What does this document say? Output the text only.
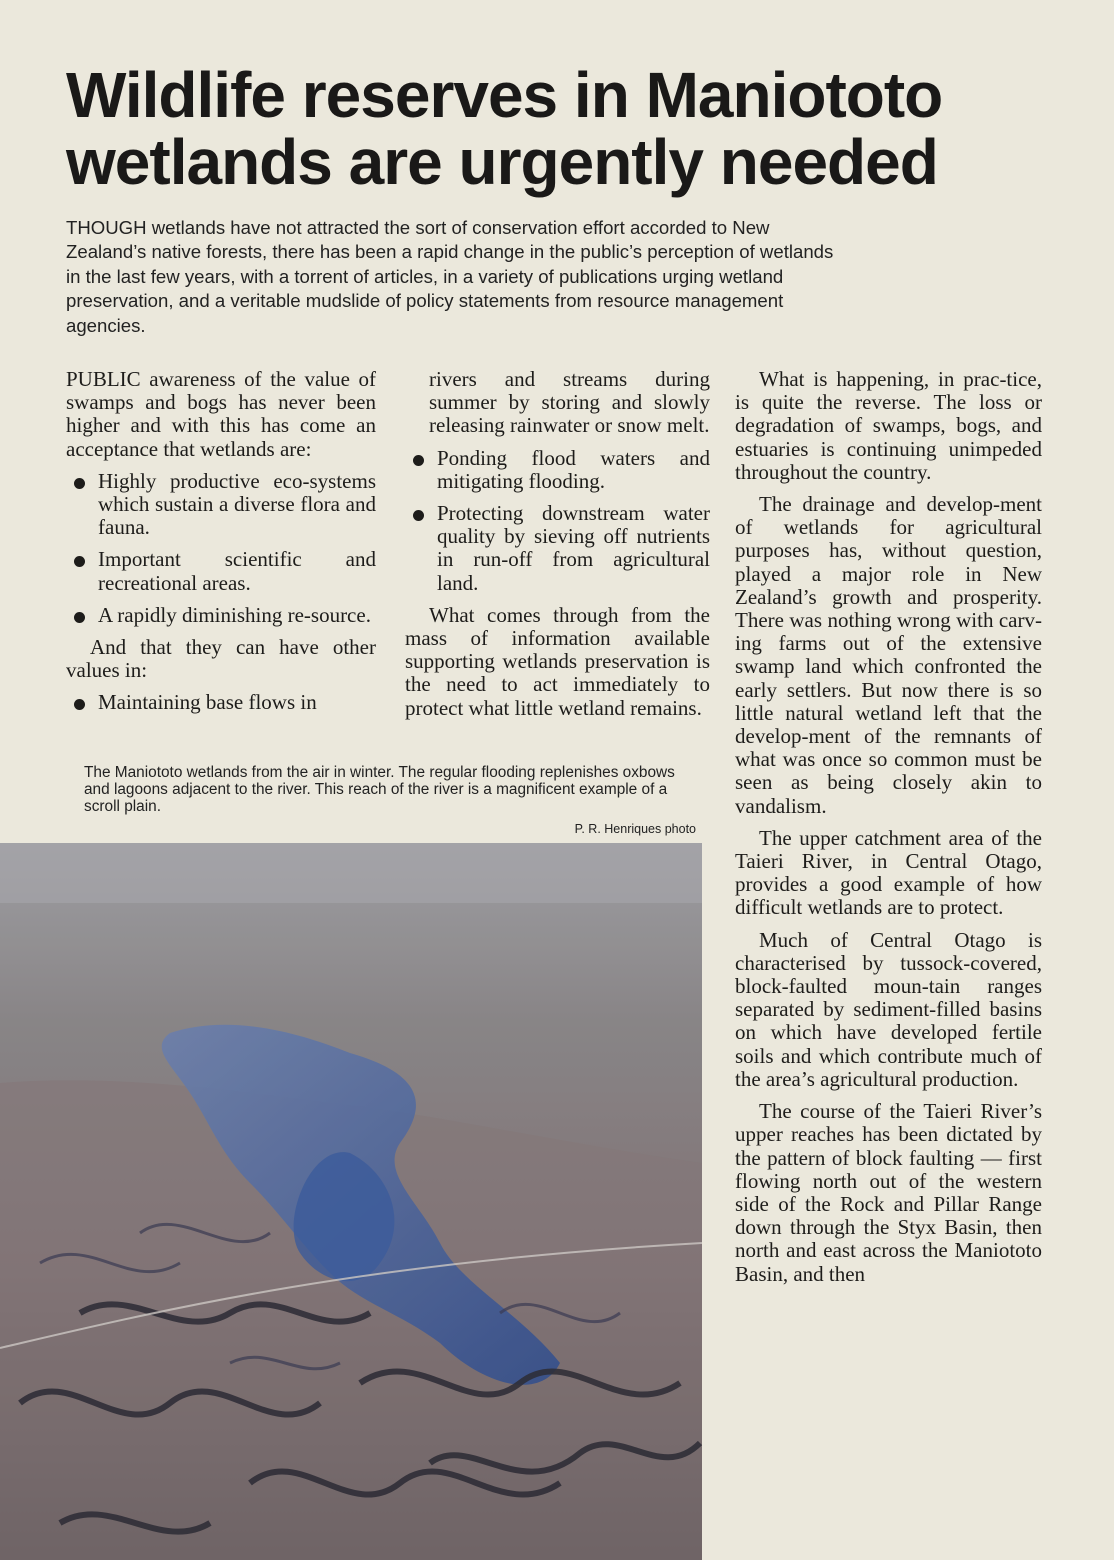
Wildlife reserves in Maniototo
wetlands are urgently needed

THOUGH wetlands have not attracted the sort of conservation effort accorded to New Zealand’s native forests, there has been a rapid change in the public’s perception of wetlands in the last few years, with a torrent of articles, in a variety of publications urging wetland preservation, and a veritable mudslide of policy statements from resource management agencies.

PUBLIC awareness of the value of swamps and bogs has never been higher and with this has come an acceptance that wetlands are:

Highly productive eco-systems which sustain a diverse flora and fauna.
Important scientific and recreational areas.
A rapidly diminishing re-source.

And that they can have other values in:

Maintaining base flows in

rivers and streams during summer by storing and slowly releasing rainwater or snow melt.

Ponding flood waters and mitigating flooding.
Protecting downstream water quality by sieving off nutrients in run-off from agricultural land.

What comes through from the mass of information available supporting wetlands preservation is the need to act immediately to protect what little wetland remains.

What is happening, in prac-tice, is quite the reverse. The loss or degradation of swamps, bogs, and estuaries is continuing unimpeded throughout the country.

The drainage and develop-ment of wetlands for agricultural purposes has, without question, played a major role in New Zealand’s growth and prosperity. There was nothing wrong with carv-ing farms out of the extensive swamp land which confronted the early settlers. But now there is so little natural wetland left that the develop-ment of the remnants of what was once so common must be seen as being closely akin to vandalism.

The upper catchment area of the Taieri River, in Central Otago, provides a good example of how difficult wetlands are to protect.

Much of Central Otago is characterised by tussock-covered, block-faulted moun-tain ranges separated by sediment-filled basins on which have developed fertile soils and which contribute much of the area’s agricultural production.

The course of the Taieri River’s upper reaches has been dictated by the pattern of block faulting — first flowing north out of the western side of the Rock and Pillar Range down through the Styx Basin, then north and east across the Maniototo Basin, and then

The Maniototo wetlands from the air in winter. The regular flooding replenishes oxbows and lagoons adjacent to the river. This reach of the river is a magnificent example of a scroll plain.

P. R. Henriques photo
